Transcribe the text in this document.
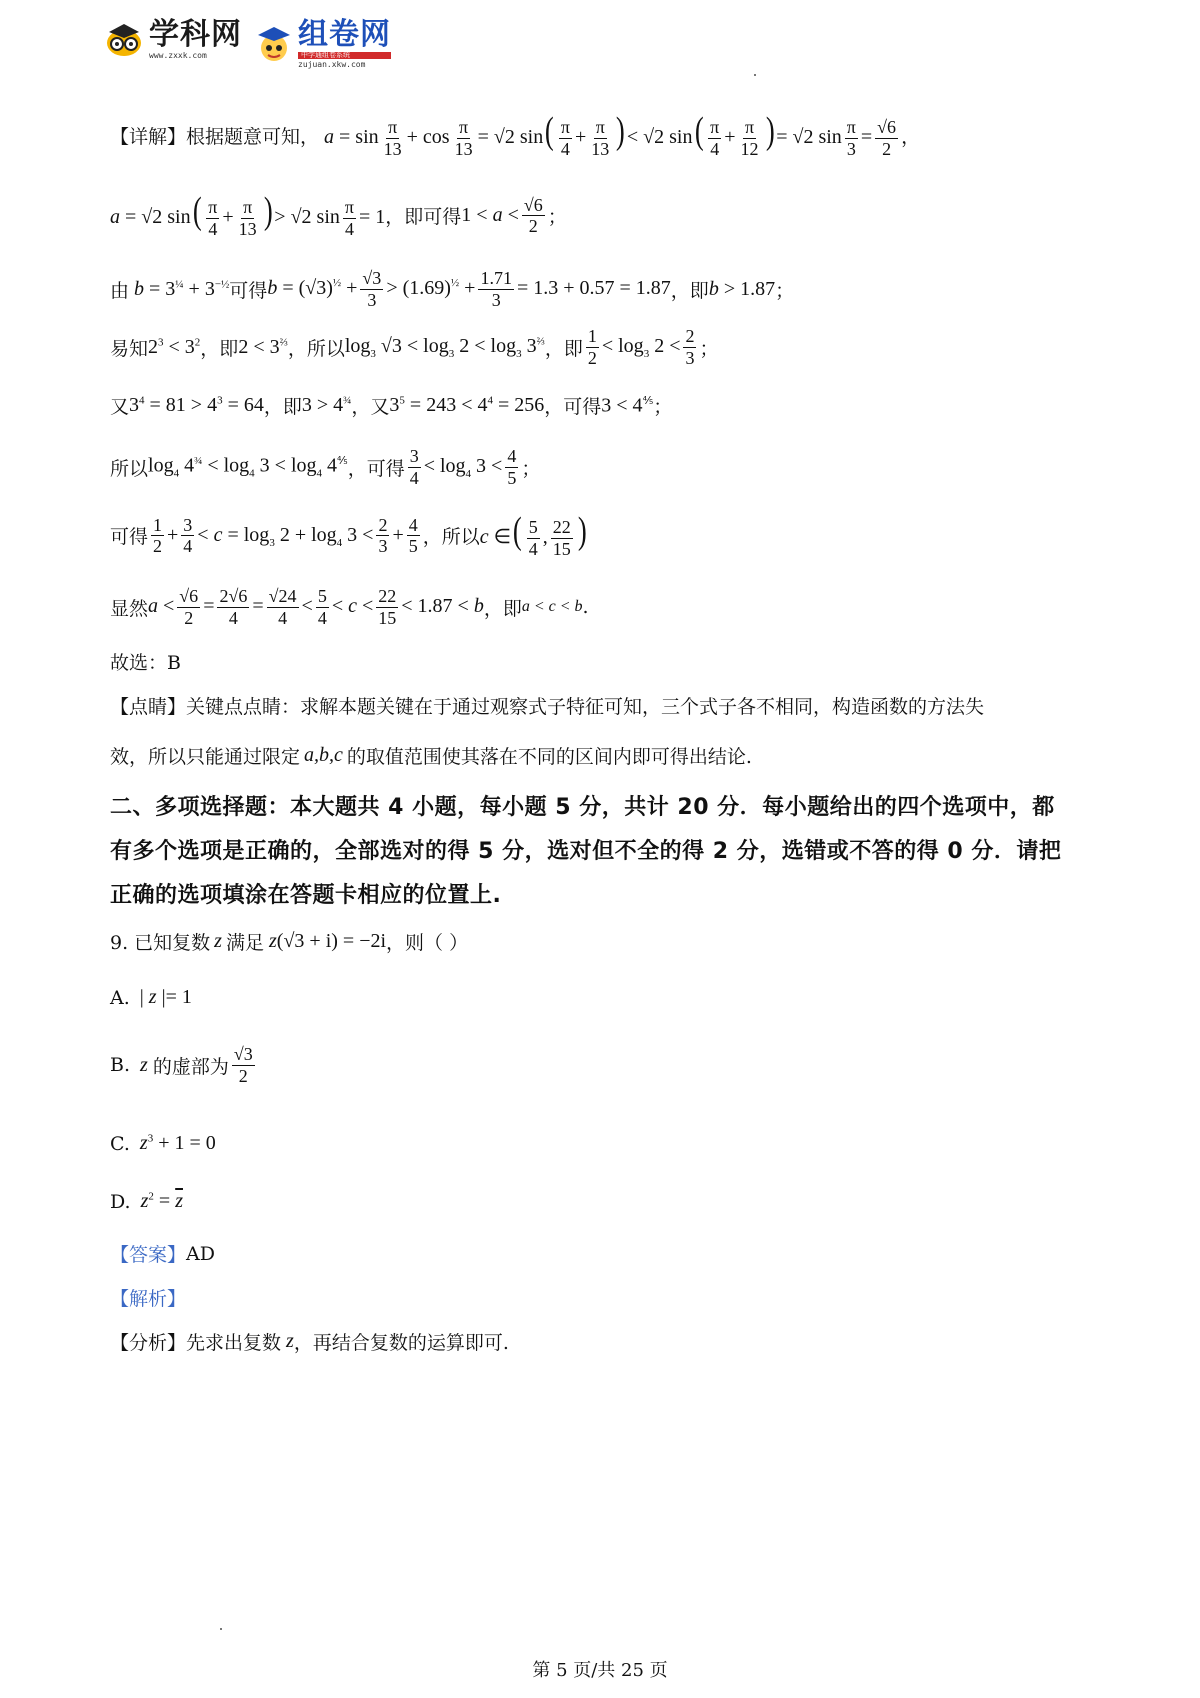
学科网
www.zxxk.com
组卷网
中学通组卷系统
zujuan.xkw.com
【详解】根据题意可知， $a = \sin \frac{\pi}{13} + \cos \frac{\pi}{13} = √2$ $\sin( \frac{\pi}{4} + \frac{\pi}{13}$ )< √2 $\sin( \frac{\pi}{4} + \frac{\pi}{12}$ )= √2 $\sin \frac{\pi}{3} = \frac{√6}{2}$ ，
a = √2 $\sin( \frac{\pi}{4} + \frac{\pi}{13}$ )> √2 $\sin \frac{\pi}{4} = 1$ ，即可得 $1 < a < \frac{√6}{2}$ ；
由 $b = 3^{\frac{1}{4}} + 3^{-\frac{1}{2}}$ 可得 $b = (√3)^{\frac{1}{2}} + \frac{√3}{3} > (1.69)^{\frac{1}{2}} + \frac{1.71}{3} = 1.3 + 0.57 = 1.87$ ，即 b > 1.87 ；
易知 $2^3 < 3^2$ ，即 $2 < 3^{\frac{2}{3}}$ ，所以 $\log_3 √3 < \log_3 2 < \log_3 3^{\frac{2}{3}}$ ，即 $\frac{1}{2} < \log_3 2 < \frac{2}{3}$ ；
又 $3^4 = 81 > 4^3 = 64$ ，即 $3 > 4^{\frac{3}{4}}$ ，又 $3^5 = 243 < 4^4 = 256$ ，可得 $3 < 4^{\frac{4}{5}}$ ；
所以 $\log_4 4^{\frac{3}{4}} < \log_4 3 < \log_4 4^{\frac{4}{5}}$ ，可得 $\frac{3}{4} < \log_4 3 < \frac{4}{5}$ ；
可得 $\frac{1}{2} + \frac{3}{4} < c = \log_3 2 + \log_4 3 < \frac{2}{3} + \frac{4}{5}$ ，所以 c ∈( $\frac{5}{4}$ , $\frac{22}{15}$ )
显然 $a < \frac{√6}{2} = \frac{2√6}{4} = \frac{√24}{4} < \frac{5}{4} < c < \frac{22}{15} < 1.87 < b$ ，即 a < c < b .
故选：B
【点睛】关键点点睛：求解本题关键在于通过观察式子特征可知，三个式子各不相同，构造函数的方法失
效，所以只能通过限定 a,b,c 的取值范围使其落在不同的区间内即可得出结论.
二、多项选择题：本大题共 4 小题，每小题 5 分，共计 20 分．每小题给出的四个选项中，都
有多个选项是正确的，全部选对的得 5 分，选对但不全的得 2 分，选错或不答的得 0 分．请把
正确的选项填涂在答题卡相应的位置上.
9. 已知复数 z 满足 z(√3 + i) = −2i ，则（ ）
A. | z |= 1
B. z 的虚部为 $\frac{√3}{2}$
C. $z^3 + 1 = 0$
D. $z^2 = \overline{z}$
【答案】 AD
【解析】
【分析】 先求出复数 z ，再结合复数的运算即可.
第 5 页/共 25 页
